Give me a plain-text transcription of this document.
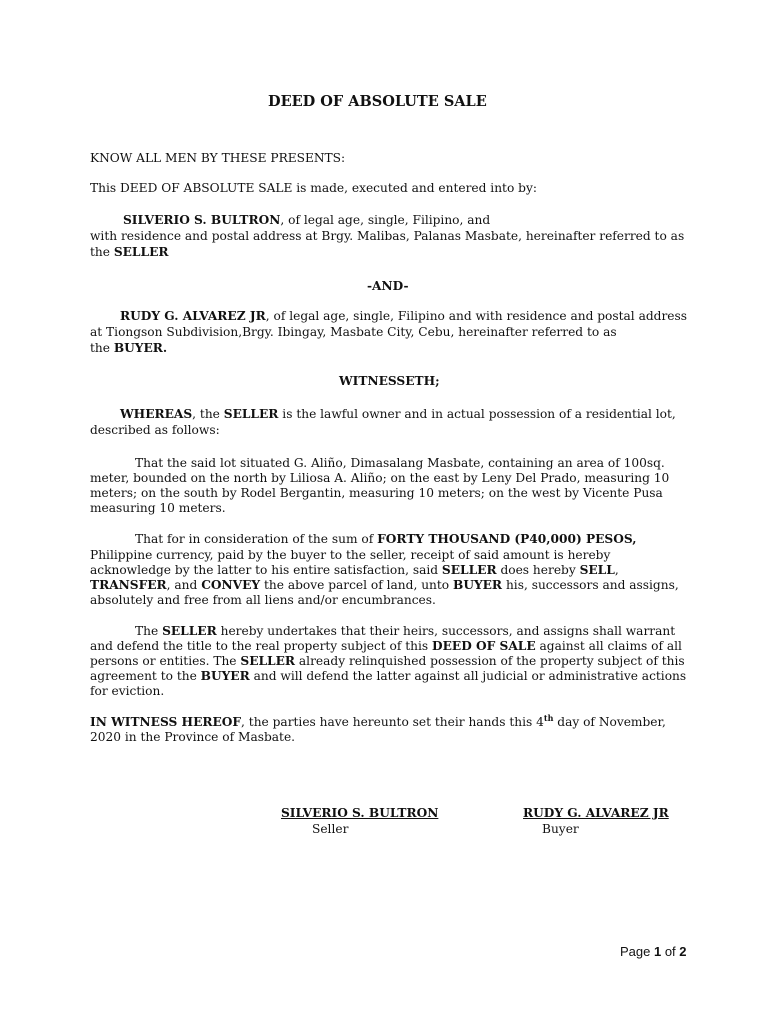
DEED OF ABSOLUTE SALE
KNOW ALL MEN BY THESE PRESENTS:
This DEED OF ABSOLUTE SALE is made, executed and entered into by:
SILVERIO S. BULTRON, of legal age, single, Filipino, and
with residence and postal address at Brgy. Malibas, Palanas Masbate, hereinafter referred to as
the SELLER
-AND-
RUDY G. ALVAREZ JR, of legal age, single, Filipino and with residence and postal address
at Tiongson Subdivision,Brgy. Ibingay, Masbate City, Cebu, hereinafter referred to as
the BUYER.
WITNESSETH;
WHEREAS, the SELLER is the lawful owner and in actual possession of a residential lot,
described as follows:
That the said lot situated G. Aliño, Dimasalang Masbate, containing an area of 100sq.
meter, bounded on the north by Liliosa A. Aliño; on the east by Leny Del Prado, measuring 10
meters; on the south by Rodel Bergantin, measuring 10 meters; on the west by Vicente Pusa
measuring 10 meters.
That for in consideration of the sum of FORTY THOUSAND (P40,000) PESOS,
Philippine currency, paid by the buyer to the seller, receipt of said amount is hereby
acknowledge by the latter to his entire satisfaction, said SELLER does hereby SELL,
TRANSFER, and CONVEY the above parcel of land, unto BUYER his, successors and assigns,
absolutely and free from all liens and/or encumbrances.
The SELLER hereby undertakes that their heirs, successors, and assigns shall warrant
and defend the title to the real property subject of this DEED OF SALE against all claims of all
persons or entities. The SELLER already relinquished possession of the property subject of this
agreement to the BUYER and will defend the latter against all judicial or administrative actions
for eviction.
IN WITNESS HEREOF, the parties have hereunto set their hands this 4th day of November,
2020 in the Province of Masbate.
SILVERIO S. BULTRON
Seller
RUDY G. ALVAREZ JR
Buyer
Page 1 of 2
